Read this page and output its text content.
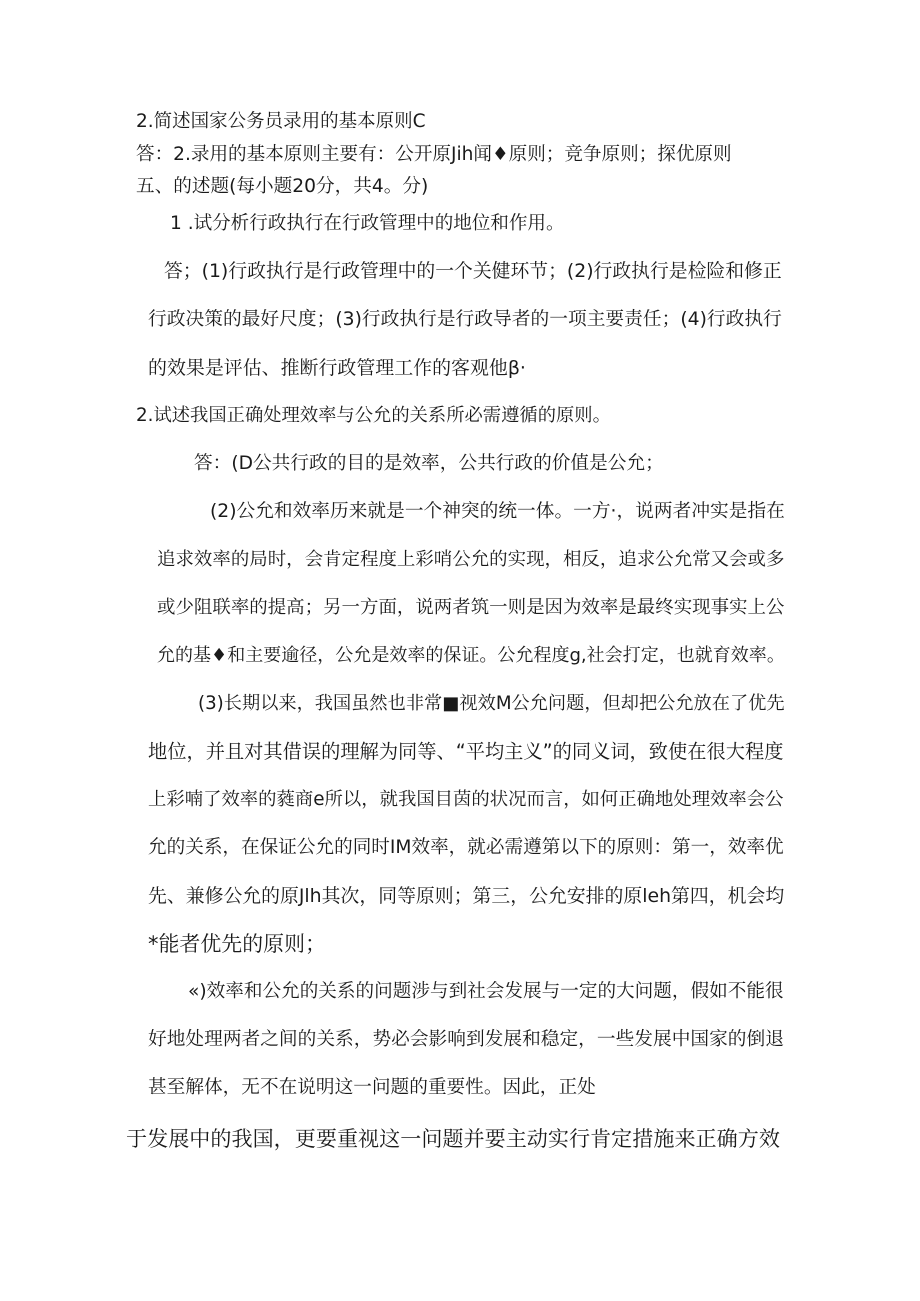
2.简述国家公务员录用的基本原则C
答：2.录用的基本原则主要有：公开原Jih闻♦原则；竞争原则；探优原则
五、的述题(每小题20分，共4。分)
1 .试分析行政执行在行政管理中的地位和作用。
答；(1)行政执行是行政管理中的一个关健环节；(2)行政执行是检险和修正
行政决策的最好尺度；(3)行政执行是行政导者的一项主要责任；(4)行政执行
的效果是评估、推断行政管理工作的客观他β·
2.试述我国正确处理效率与公允的关系所必需遵循的原则。
答：(D公共行政的目的是效率，公共行政的价值是公允；
(2)公允和效率历来就是一个神突的统一体。一方·，说两者冲实是指在
追求效率的局时，会肯定程度上彩哨公允的实现，相反，追求公允常又会或多
或少阻联率的提高；另一方面，说两者筑一则是因为效率是最终实现事实上公
允的基♦和主要逾径，公允是效率的保证。公允程度g,社会打定，也就育效率。
(3)长期以来，我国虽然也非常■视效M公允问题，但却把公允放在了优先
地位，并且对其借误的理解为同等、“平均主义”的同义词，致使在很大程度
上彩喃了效率的蕤商e所以，就我国目茵的状况而言，如何正确地处理效率会公
允的关系，在保证公允的同时IM效率，就必需遵第以下的原则：第一，效率优
先、兼修公允的原Jlh其次，同等原则；第三，公允安排的原leh第四，机会均
*能者优先的原则；
«)效率和公允的关系的问题涉与到社会发展与一定的大问题，假如不能很
好地处理两者之间的关系，势必会影响到发展和稳定，一些发展中国家的倒退
甚至解体，无不在说明这一问题的重要性。因此，正处
于发展中的我国，更要重视这一问题并要主动实行肯定措施来正确方效
